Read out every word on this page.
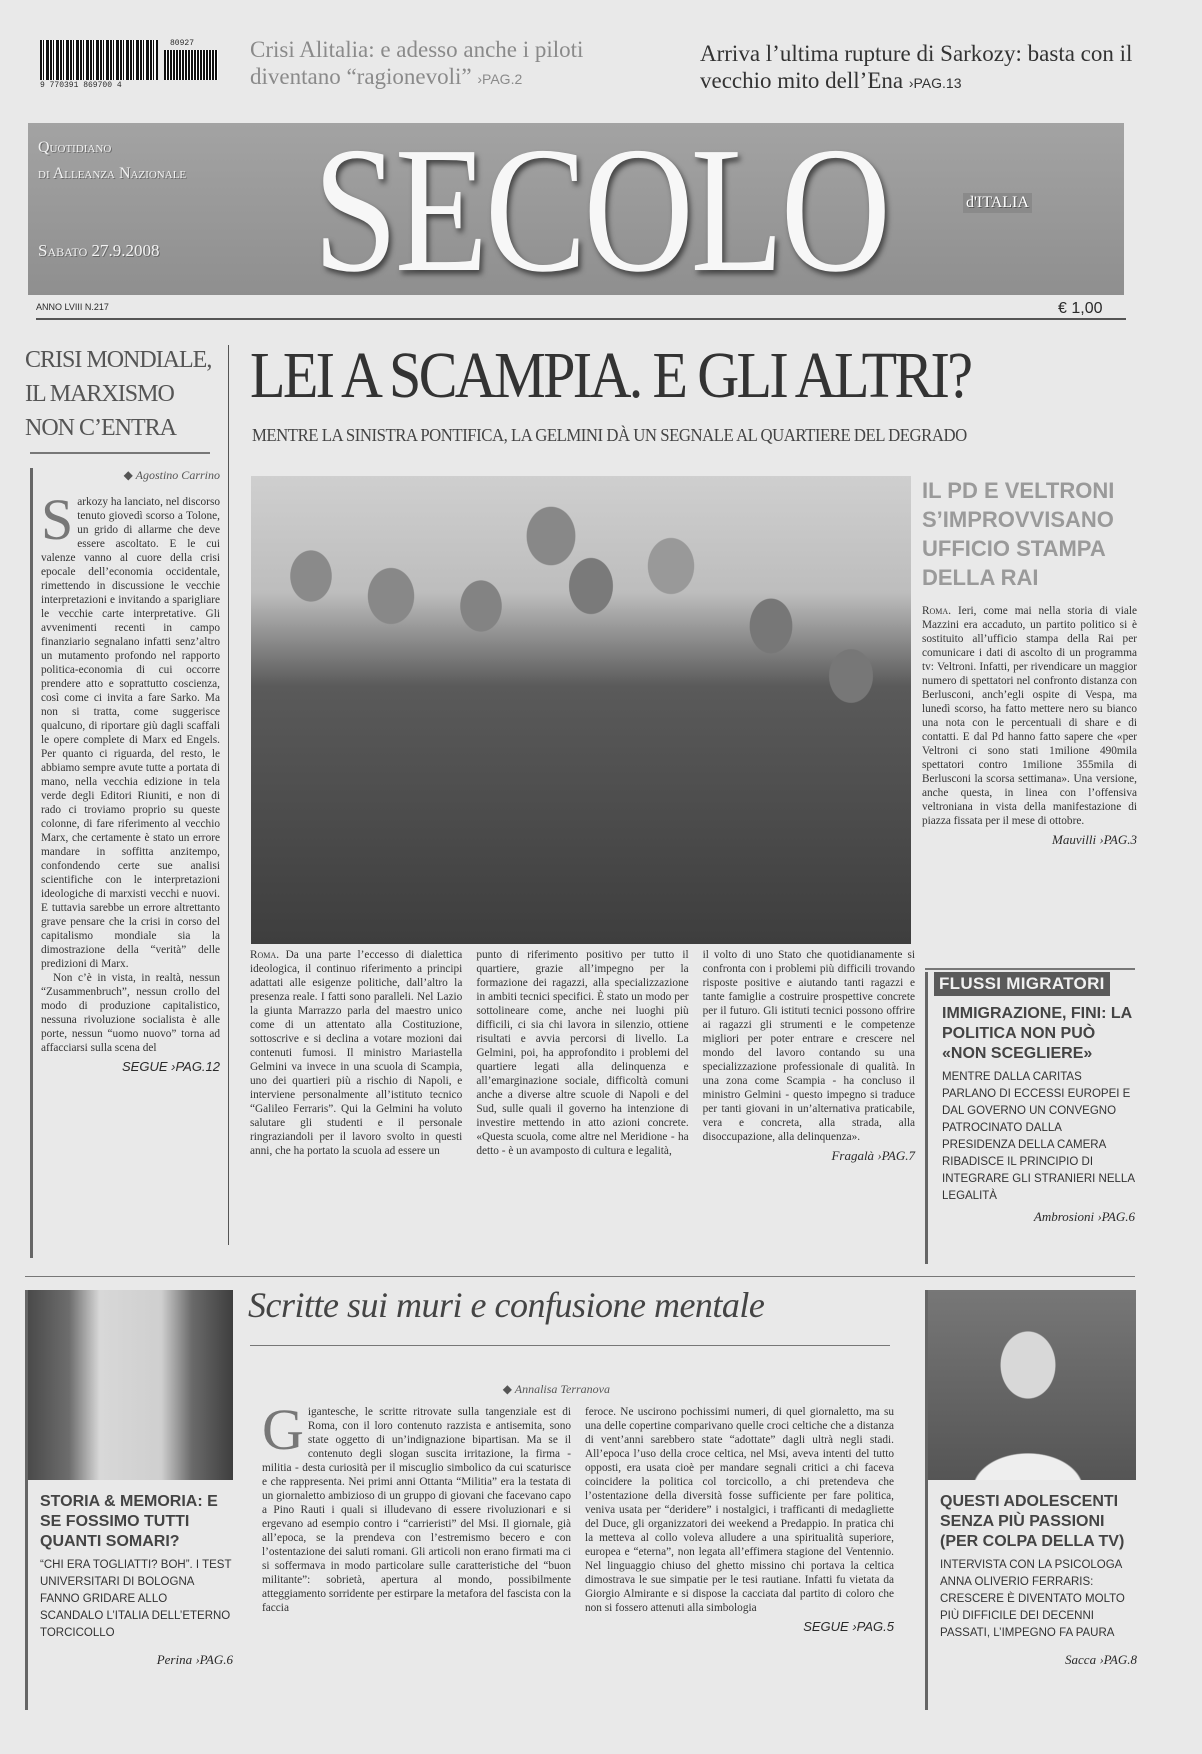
9 770391 869700 4
80927 Crisi Alitalia: e adesso anche i piloti diventano “ragionevoli” ›PAG.2
Arriva l’ultima rupture di Sarkozy: basta con il vecchio mito dell’Ena ›PAG.13
Quotidiano
di Alleanza Nazionale
Sabato 27.9.2008 SECOLO	d'ITALIA
ANNO LVIII N.217	€ 1,00
CRISI MONDIALE, IL MARXISMO NON C’ENTRA
◆ Agostino Carrino
Sarkozy ha lanciato, nel discorso tenuto giovedì scorso a Tolone, un grido di allarme che deve essere ascoltato. E le cui valenze vanno al cuore della crisi epocale dell’economia occidentale, rimettendo in discussione le vecchie interpretazioni e invitando a sparigliare le vecchie carte interpretative. Gli avvenimenti recenti in campo finanziario segnalano infatti senz’altro un mutamento profondo nel rapporto politica-economia di cui occorre prendere atto e soprattutto coscienza, così come ci invita a fare Sarko. Ma non si tratta, come suggerisce qualcuno, di riportare giù dagli scaffali le opere complete di Marx ed Engels. Per quanto ci riguarda, del resto, le abbiamo sempre avute tutte a portata di mano, nella vecchia edizione in tela verde degli Editori Riuniti, e non di rado ci troviamo proprio su queste colonne, di fare riferimento al vecchio Marx, che certamente è stato un errore mandare in soffitta anzitempo, confondendo certe sue analisi scientifiche con le interpretazioni ideologiche di marxisti vecchi e nuovi. E tuttavia sarebbe un errore altrettanto grave pensare che la crisi in corso del capitalismo mondiale sia la dimostrazione della “verità” delle predizioni di Marx.
Non c’è in vista, in realtà, nessun “Zusammenbruch”, nessun crollo del modo di produzione capitalistico, nessuna rivoluzione socialista è alle porte, nessun “uomo nuovo” torna ad affacciarsi sulla scena del
SEGUE ›PAG.12
LEI A SCAMPIA. E GLI ALTRI?
MENTRE LA SINISTRA PONTIFICA, LA GELMINI DÀ UN SEGNALE AL QUARTIERE DEL DEGRADO
Roma. Da una parte l’eccesso di dialettica ideologica, il continuo riferimento a principi adattati alle esigenze politiche, dall’altro la presenza reale. I fatti sono paralleli. Nel Lazio la giunta Marrazzo parla del maestro unico come di un attentato alla Costituzione, sottoscrive e si declina a votare mozioni dai contenuti fumosi. Il ministro Mariastella Gelmini va invece in una scuola di Scampia, uno dei quartieri più a rischio di Napoli, e interviene personalmente all’istituto tecnico “Galileo Ferraris”. Qui la Gelmini ha voluto salutare gli studenti e il personale ringraziandoli per il lavoro svolto in questi anni, che ha portato la scuola ad essere un
punto di riferimento positivo per tutto il quartiere, grazie all’impegno per la formazione dei ragazzi, alla specializzazione in ambiti tecnici specifici. È stato un modo per sottolineare come, anche nei luoghi più difficili, ci sia chi lavora in silenzio, ottiene risultati e avvia percorsi di livello. La Gelmini, poi, ha approfondito i problemi del quartiere legati alla delinquenza e all’emarginazione sociale, difficoltà comuni anche a diverse altre scuole di Napoli e del Sud, sulle quali il governo ha intenzione di investire mettendo in atto azioni concrete. «Questa scuola, come altre nel Meridione - ha detto - è un avamposto di cultura e legalità,
il volto di uno Stato che quotidianamente si confronta con i problemi più difficili trovando risposte positive e aiutando tanti ragazzi e tante famiglie a costruire prospettive concrete per il futuro. Gli istituti tecnici possono offrire ai ragazzi gli strumenti e le competenze migliori per poter entrare e crescere nel mondo del lavoro contando su una specializzazione professionale di qualità. In una zona come Scampia - ha concluso il ministro Gelmini - questo impegno si traduce per tanti giovani in un’alternativa praticabile, vera e concreta, alla strada, alla disoccupazione, alla delinquenza».
Fragalà ›PAG.7
IL PD E VELTRONI S’IMPROVVISANO UFFICIO STAMPA DELLA RAI
Roma. Ieri, come mai nella storia di viale Mazzini era accaduto, un partito politico si è sostituito all’ufficio stampa della Rai per comunicare i dati di ascolto di un programma tv: Veltroni. Infatti, per rivendicare un maggior numero di spettatori nel confronto distanza con Berlusconi, anch’egli ospite di Vespa, ma lunedì scorso, ha fatto mettere nero su bianco una nota con le percentuali di share e di contatti. E dal Pd hanno fatto sapere che «per Veltroni ci sono stati 1milione 490mila spettatori contro 1milione 355mila di Berlusconi la scorsa settimana». Una versione, anche questa, in linea con l’offensiva veltroniana in vista della manifestazione di piazza fissata per il mese di ottobre.
Mauvilli ›PAG.3
FLUSSI MIGRATORI
IMMIGRAZIONE, FINI: LA POLITICA NON PUÒ «NON SCEGLIERE»
MENTRE DALLA CARITAS PARLANO DI ECCESSI EUROPEI E DAL GOVERNO UN CONVEGNO PATROCINATO DALLA PRESIDENZA DELLA CAMERA RIBADISCE IL PRINCIPIO DI INTEGRARE GLI STRANIERI NELLA LEGALITÀ
Ambrosioni ›PAG.6
STORIA & MEMORIA: E SE FOSSIMO TUTTI QUANTI SOMARI?
“CHI ERA TOGLIATTI? BOH”. I TEST UNIVERSITARI DI BOLOGNA FANNO GRIDARE ALLO SCANDALO L’ITALIA DELL’ETERNO TORCICOLLO
Perina ›PAG.6
Scritte sui muri e confusione mentale
◆ Annalisa Terranova
Gigantesche, le scritte ritrovate sulla tangenziale est di Roma, con il loro contenuto razzista e antisemita, sono state oggetto di un’indignazione bipartisan. Ma se il contenuto degli slogan suscita irritazione, la firma - militia - desta curiosità per il miscuglio simbolico da cui scaturisce e che rappresenta. Nei primi anni Ottanta “Militia” era la testata di un giornaletto ambizioso di un gruppo di giovani che facevano capo a Pino Rauti i quali si illudevano di essere rivoluzionari e si ergevano ad esempio contro i “carrieristi” del Msi. Il giornale, già all’epoca, se la prendeva con l’estremismo becero e con l’ostentazione dei saluti romani. Gli articoli non erano firmati ma ci si soffermava in modo particolare sulle caratteristiche del “buon militante”: sobrietà, apertura al mondo, possibilmente atteggiamento sorridente per estirpare la metafora del fascista con la faccia
feroce. Ne uscirono pochissimi numeri, di quel giornaletto, ma su una delle copertine comparivano quelle croci celtiche che a distanza di vent’anni sarebbero state “adottate” dagli ultrà negli stadi. All’epoca l’uso della croce celtica, nel Msi, aveva intenti del tutto opposti, era usata cioè per mandare segnali critici a chi faceva coincidere la politica col torcicollo, a chi pretendeva che l’ostentazione della diversità fosse sufficiente per fare politica, veniva usata per “deridere” i nostalgici, i trafficanti di medagliette del Duce, gli organizzatori dei weekend a Predappio. In pratica chi la metteva al collo voleva alludere a una spiritualità superiore, europea e “eterna”, non legata all’effimera stagione del Ventennio. Nel linguaggio chiuso del ghetto missino chi portava la celtica dimostrava le sue simpatie per le tesi rautiane. Infatti fu vietata da Giorgio Almirante e si dispose la cacciata dal partito di coloro che non si fossero attenuti alla simbologia
SEGUE ›PAG.5
QUESTI ADOLESCENTI SENZA PIÙ PASSIONI (PER COLPA DELLA TV)
INTERVISTA CON LA PSICOLOGA ANNA OLIVERIO FERRARIS: CRESCERE È DIVENTATO MOLTO PIÙ DIFFICILE DEI DECENNI PASSATI, L’IMPEGNO FA PAURA
Sacca ›PAG.8
